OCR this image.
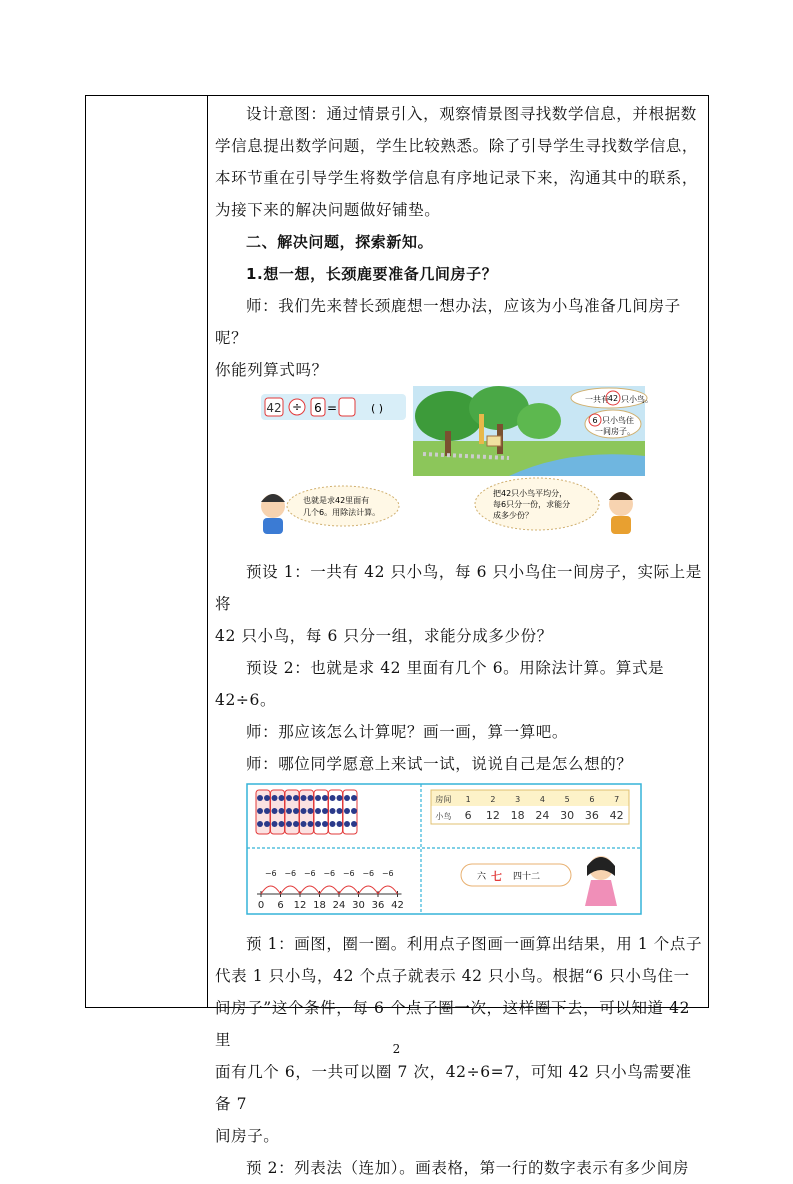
设计意图：通过情景引入，观察情景图寻找数学信息，并根据数

学信息提出数学问题，学生比较熟悉。除了引导学生寻找数学信息，

本环节重在引导学生将数学信息有序地记录下来，沟通其中的联系，

为接下来的解决问题做好铺垫。

二、解决问题，探索新知。

1.想一想，长颈鹿要准备几间房子？

师：我们先来替长颈鹿想一想办法，应该为小鸟准备几间房子呢？

你能列算式吗？

42 ÷ 6 =	( )
一共有
42 只小鸟。
6 只小鸟住
一间房子。
也就是求42里面有
几个6。用除法计算。
把42只小鸟平均分，
每6只分一份，求能分
成多少份？

预设 1：一共有 42 只小鸟，每 6 只小鸟住一间房子，实际上是将

42 只小鸟，每 6 只分一组，求能分成多少份？

预设 2：也就是求 42 里面有几个 6。用除法计算。算式是 42÷6。

师：那应该怎么计算呢？画一画，算一算吧。

师：哪位同学愿意上来试一试，说说自己是怎么想的？

房间
小鸟
1
6
2
12
3
18
4
24
5
30
6
36
7
42
0 6
−6
12
−6
18
−6
24
−6
30
−6
36
−6
42
−6	六 七 四十二

预 1：画图，圈一圈。利用点子图画一画算出结果，用 1 个点子

代表 1 只小鸟，42 个点子就表示 42 只小鸟。根据“6 只小鸟住一

间房子”这个条件，每 6 个点子圈一次，这样圈下去，可以知道 42 里

面有几个 6，一共可以圈 7 次，42÷6=7，可知 42 只小鸟需要准备 7

间房子。

预 2：列表法（连加）。画表格，第一行的数字表示有多少间房

2
